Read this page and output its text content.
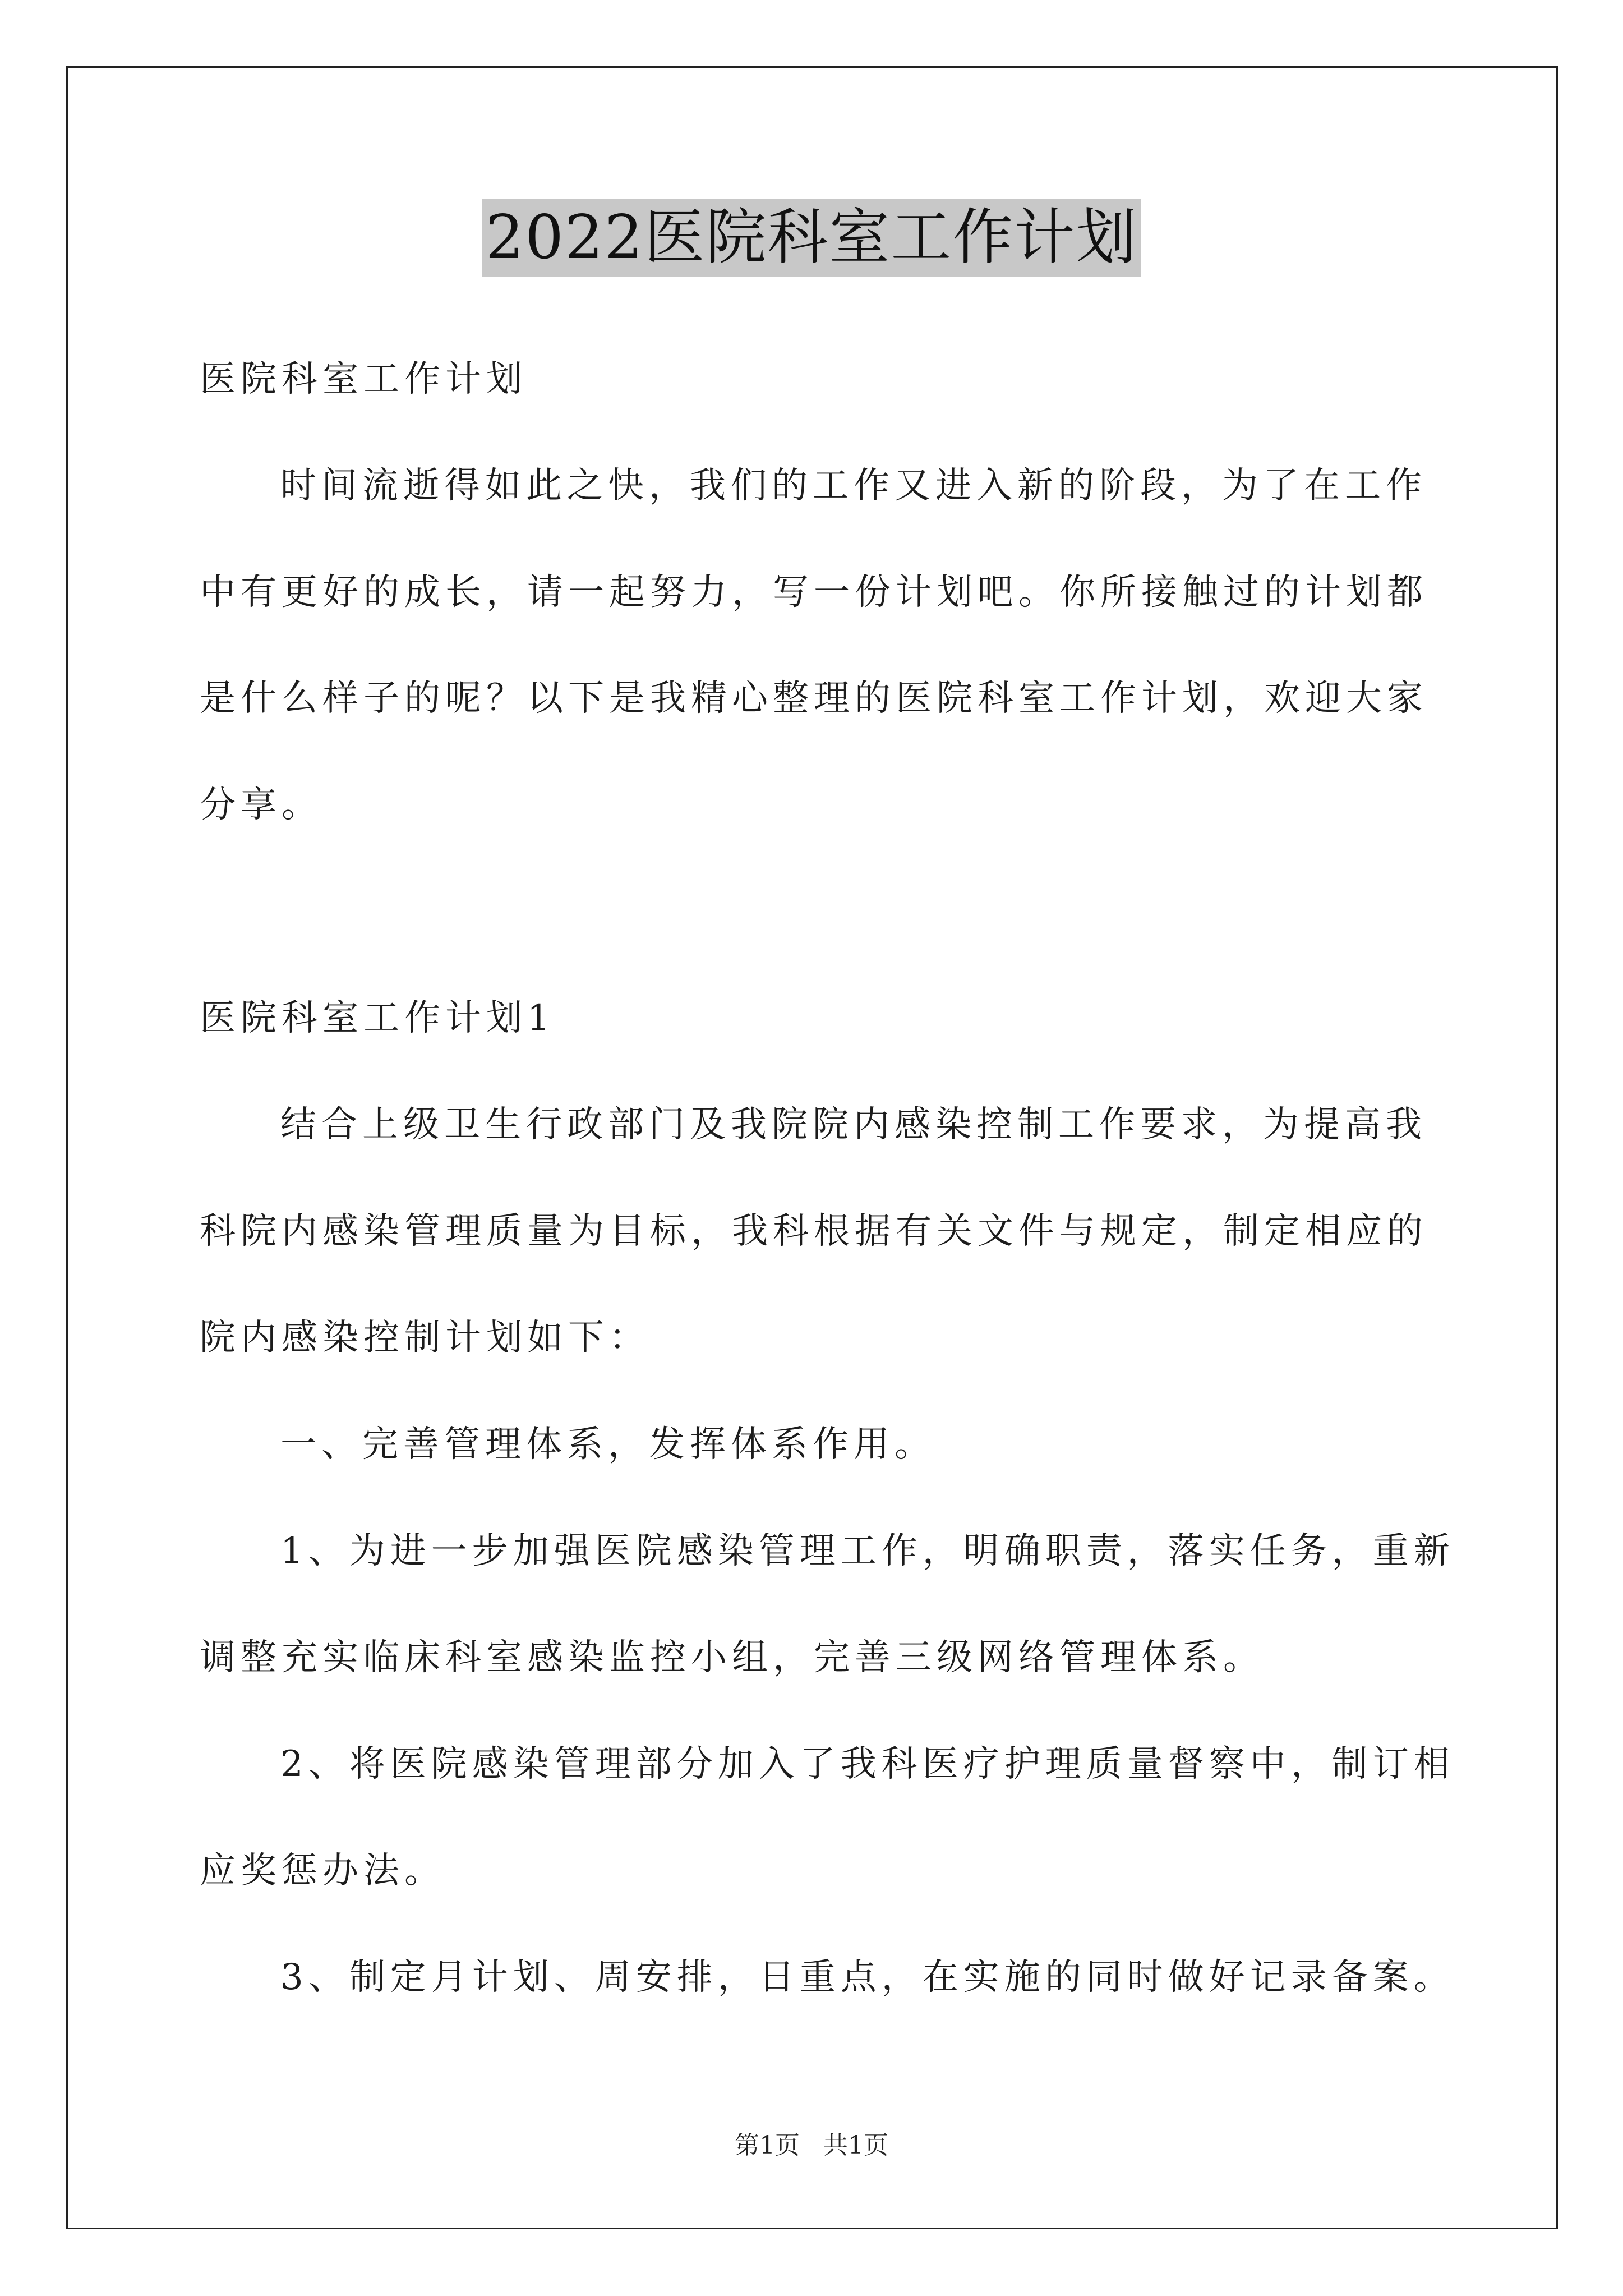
2022医院科室工作计划
医院科室工作计划
时间流逝得如此之快，我们的工作又进入新的阶段，为了在工作
中有更好的成长，请一起努力，写一份计划吧。你所接触过的计划都
是什么样子的呢？以下是我精心整理的医院科室工作计划，欢迎大家
分享。
医院科室工作计划1
结合上级卫生行政部门及我院院内感染控制工作要求，为提高我
科院内感染管理质量为目标，我科根据有关文件与规定，制定相应的
院内感染控制计划如下：
一、完善管理体系，发挥体系作用。
1、为进一步加强医院感染管理工作，明确职责，落实任务，重新
调整充实临床科室感染监控小组，完善三级网络管理体系。
2、将医院感染管理部分加入了我科医疗护理质量督察中，制订相
应奖惩办法。
3、制定月计划、周安排，日重点，在实施的同时做好记录备案。
第1页   共1页
